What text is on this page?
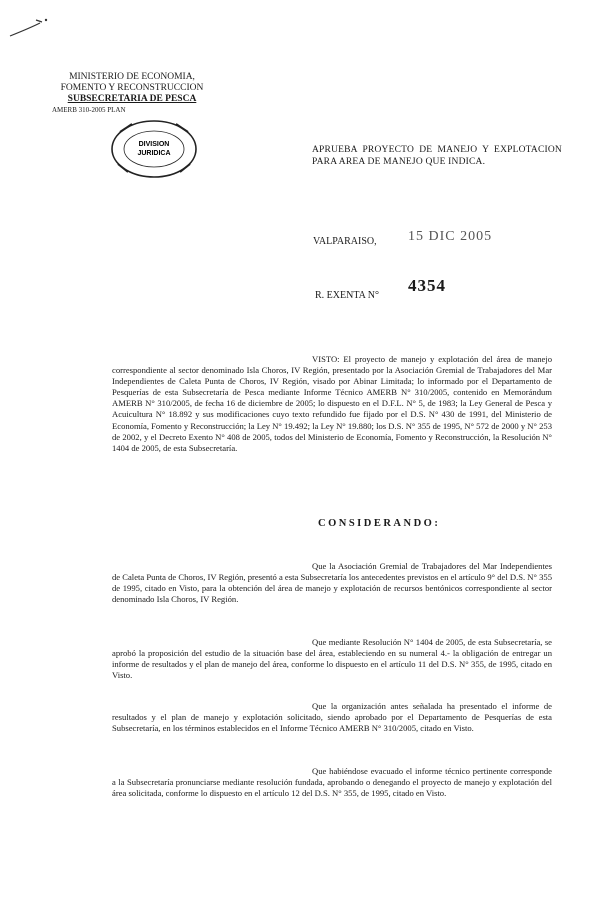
MINISTERIO DE ECONOMIA,
FOMENTO Y RECONSTRUCCION
SUBSECRETARIA DE PESCA
AMERB 310-2005 PLAN
DIVISION
JURIDICA	APRUEBA PROYECTO DE MANEJO Y EXPLOTACION PARA AREA DE MANEJO QUE INDICA.
VALPARAISO, 15 DIC 2005
R. EXENTA N°
4354
VISTO: El proyecto de manejo y explotación del área de manejo correspondiente al sector denominado Isla Choros, IV Región, presentado por la Asociación Gremial de Trabajadores del Mar Independientes de Caleta Punta de Choros, IV Región, visado por Abinar Limitada; lo informado por el Departamento de Pesquerías de esta Subsecretaría de Pesca mediante Informe Técnico AMERB N° 310/2005, contenido en Memorándum AMERB N° 310/2005, de fecha 16 de diciembre de 2005; lo dispuesto en el D.F.L. N° 5, de 1983; la Ley General de Pesca y Acuicultura N° 18.892 y sus modificaciones cuyo texto refundido fue fijado por el D.S. N° 430 de 1991, del Ministerio de Economía, Fomento y Reconstrucción; la Ley N° 19.492; la Ley N° 19.880; los D.S. N° 355 de 1995, N° 572 de 2000 y N° 253 de 2002, y el Decreto Exento N° 408 de 2005, todos del Ministerio de Economía, Fomento y Reconstrucción, la Resolución N° 1404 de 2005, de esta Subsecretaría.
CONSIDERANDO:
Que la Asociación Gremial de Trabajadores del Mar Independientes de Caleta Punta de Choros, IV Región, presentó a esta Subsecretaría los antecedentes previstos en el artículo 9° del D.S. N° 355 de 1995, citado en Visto, para la obtención del área de manejo y explotación de recursos bentónicos correspondiente al sector denominado Isla Choros, IV Región.
Que mediante Resolución N° 1404 de 2005, de esta Subsecretaría, se aprobó la proposición del estudio de la situación base del área, estableciendo en su numeral 4.- la obligación de entregar un informe de resultados y el plan de manejo del área, conforme lo dispuesto en el artículo 11 del D.S. N° 355, de 1995, citado en Visto.
Que la organización antes señalada ha presentado el informe de resultados y el plan de manejo y explotación solicitado, siendo aprobado por el Departamento de Pesquerías de esta Subsecretaría, en los términos establecidos en el Informe Técnico AMERB N° 310/2005, citado en Visto.
Que habiéndose evacuado el informe técnico pertinente corresponde a la Subsecretaría pronunciarse mediante resolución fundada, aprobando o denegando el proyecto de manejo y explotación del área solicitada, conforme lo dispuesto en el artículo 12 del D.S. N° 355, de 1995, citado en Visto.
